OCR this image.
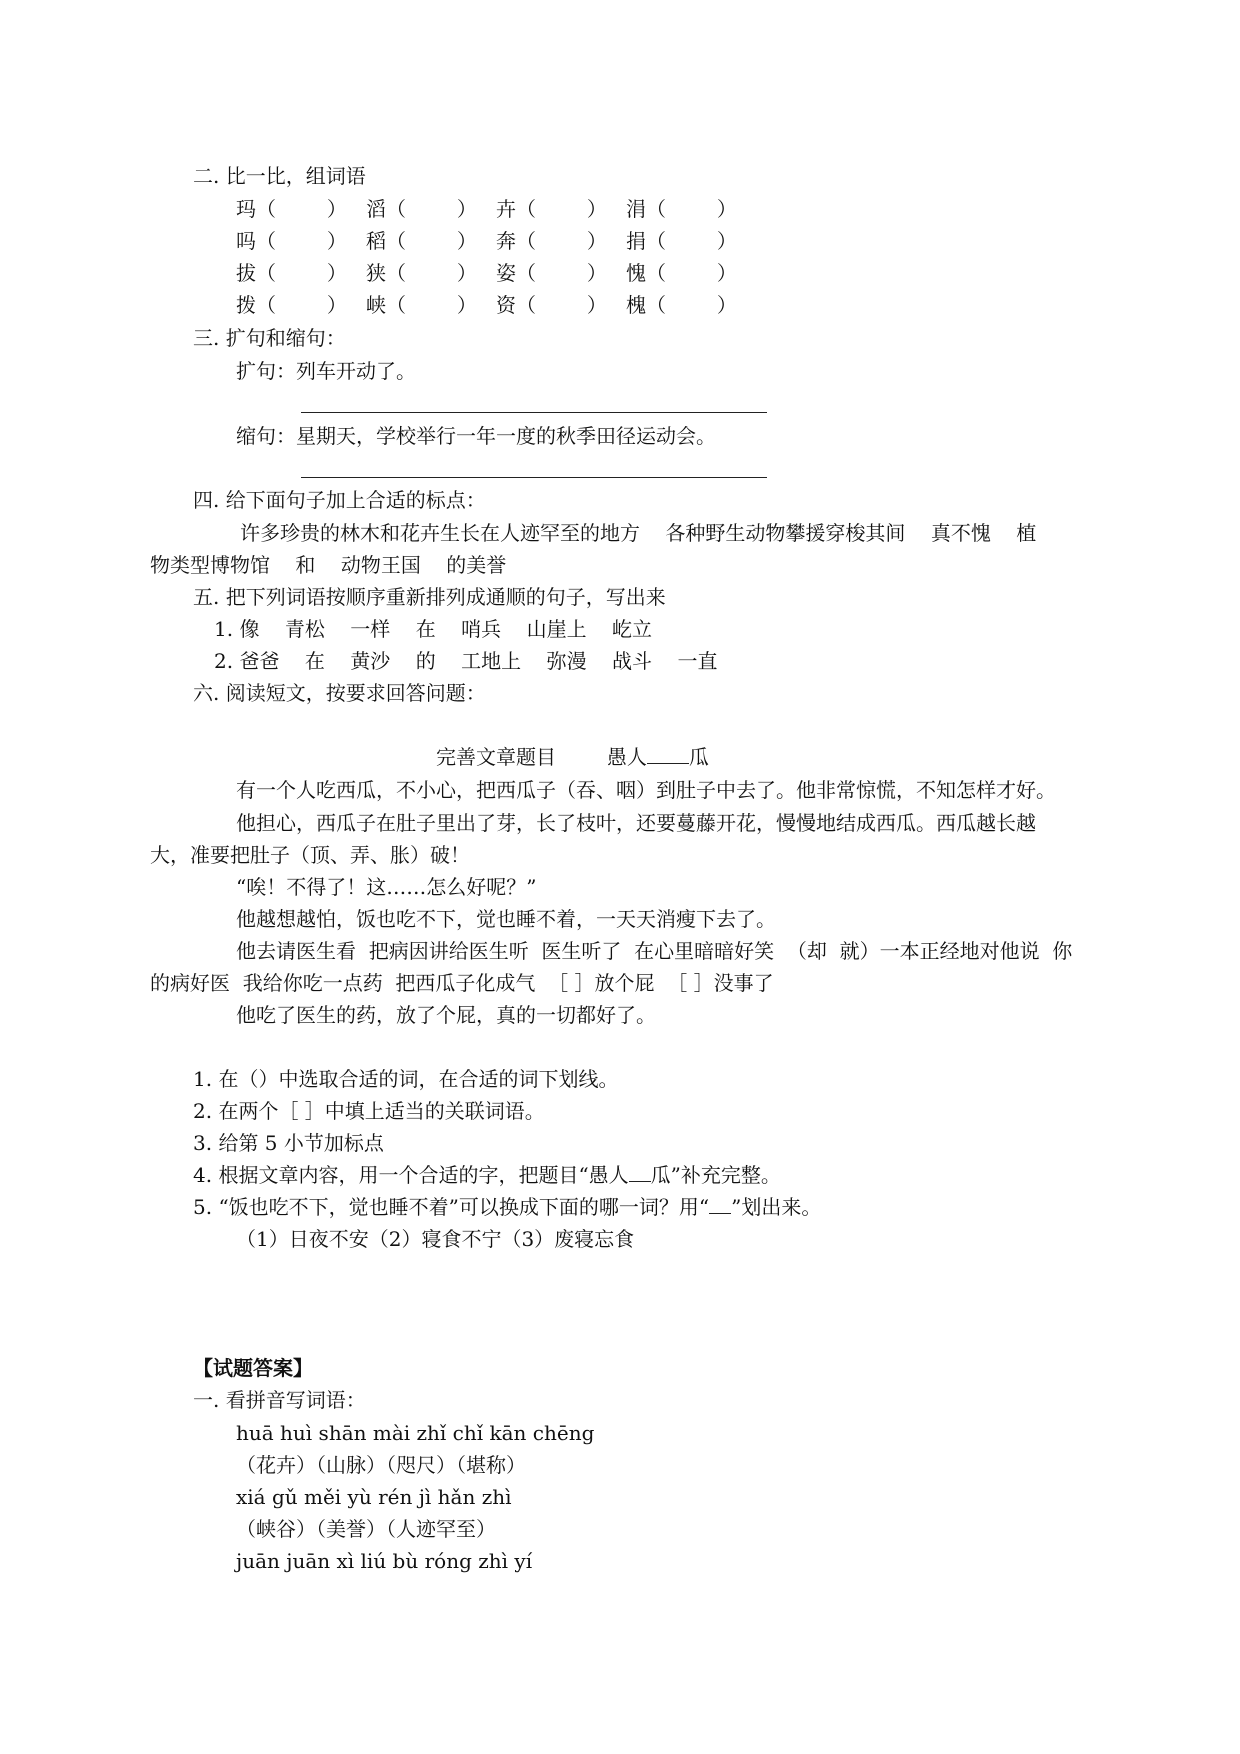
二. 比一比，组词语
玛（        ） 滔（        ） 卉（        ） 涓（        ）
吗（        ） 稻（        ） 奔（        ） 捐（        ）
拔（        ） 狭（        ） 姿（        ） 愧（        ）
拨（        ） 峡（        ） 资（        ） 槐（        ）
三. 扩句和缩句：
扩句：列车开动了。
缩句：星期天，学校举行一年一度的秋季田径运动会。
四. 给下面句子加上合适的标点：
许多珍贵的林木和花卉生长在人迹罕至的地方    各种野生动物攀援穿梭其间    真不愧    植
物类型博物馆    和    动物王国    的美誉
五. 把下列词语按顺序重新排列成通顺的句子，写出来
1. 像    青松    一样    在    哨兵    山崖上    屹立
2. 爸爸    在    黄沙    的    工地上    弥漫    战斗    一直
六. 阅读短文，按要求回答问题：
完善文章题目	愚人 瓜
有一个人吃西瓜，不小心，把西瓜子（吞、咽）到肚子中去了。他非常惊慌，不知怎样才好。
他担心，西瓜子在肚子里出了芽，长了枝叶，还要蔓藤开花，慢慢地结成西瓜。西瓜越长越
大，准要把肚子（顶、弄、胀）破！
“唉！不得了！这……怎么好呢？”
他越想越怕，饭也吃不下，觉也睡不着，一天天消瘦下去了。
他去请医生看  把病因讲给医生听  医生听了  在心里暗暗好笑  （却  就）一本正经地对他说  你
的病好医  我给你吃一点药  把西瓜子化成气  ［ ］放个屁  ［ ］没事了
他吃了医生的药，放了个屁，真的一切都好了。
1. 在（）中选取合适的词，在合适的词下划线。
2. 在两个［ ］中填上适当的关联词语。
3. 给第 5 小节加标点
4. 根据文章内容，用一个合适的字，把题目“愚人 瓜”补充完整。
5. “饭也吃不下，觉也睡不着”可以换成下面的哪一词？用“ ”划出来。
（1）日夜不安（2）寝食不宁（3）废寝忘食
【试题答案】
一. 看拼音写词语：
huā huì shān mài zhǐ chǐ kān chēng
（花卉）（山脉）（咫尺）（堪称）
xiá gǔ měi yù rén jì hǎn zhì
（峡谷）（美誉）（人迹罕至）
juān juān xì liú bù róng zhì yí
